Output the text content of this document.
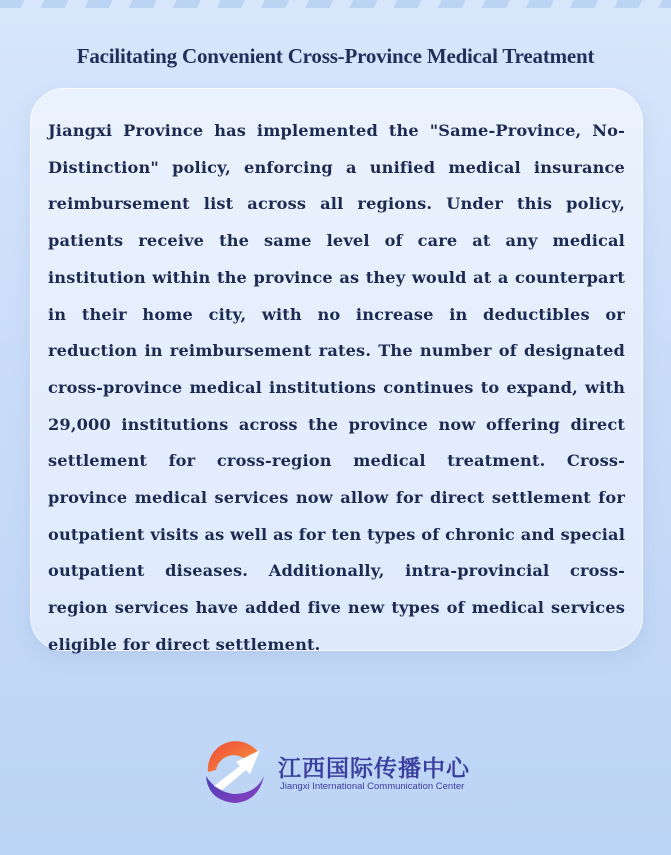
Facilitating Convenient Cross-Province Medical Treatment

Jiangxi Province has implemented the "Same-Province, No-Distinction" policy, enforcing a unified medical insurance reimbursement list across all regions. Under this policy, patients receive the same level of care at any medical institution within the province as they would at a counterpart in their home city, with no increase in deductibles or reduction in reimbursement rates. The number of designated cross-province medical institutions continues to expand, with 29,000 institutions across the province now offering direct settlement for cross-region medical treatment. Cross-province medical services now allow for direct settlement for outpatient visits as well as for ten types of chronic and special outpatient diseases. Additionally, intra-provincial cross-region services have added five new types of medical services eligible for direct settlement.

江西国际传播中心
Jiangxi International Communication Center
